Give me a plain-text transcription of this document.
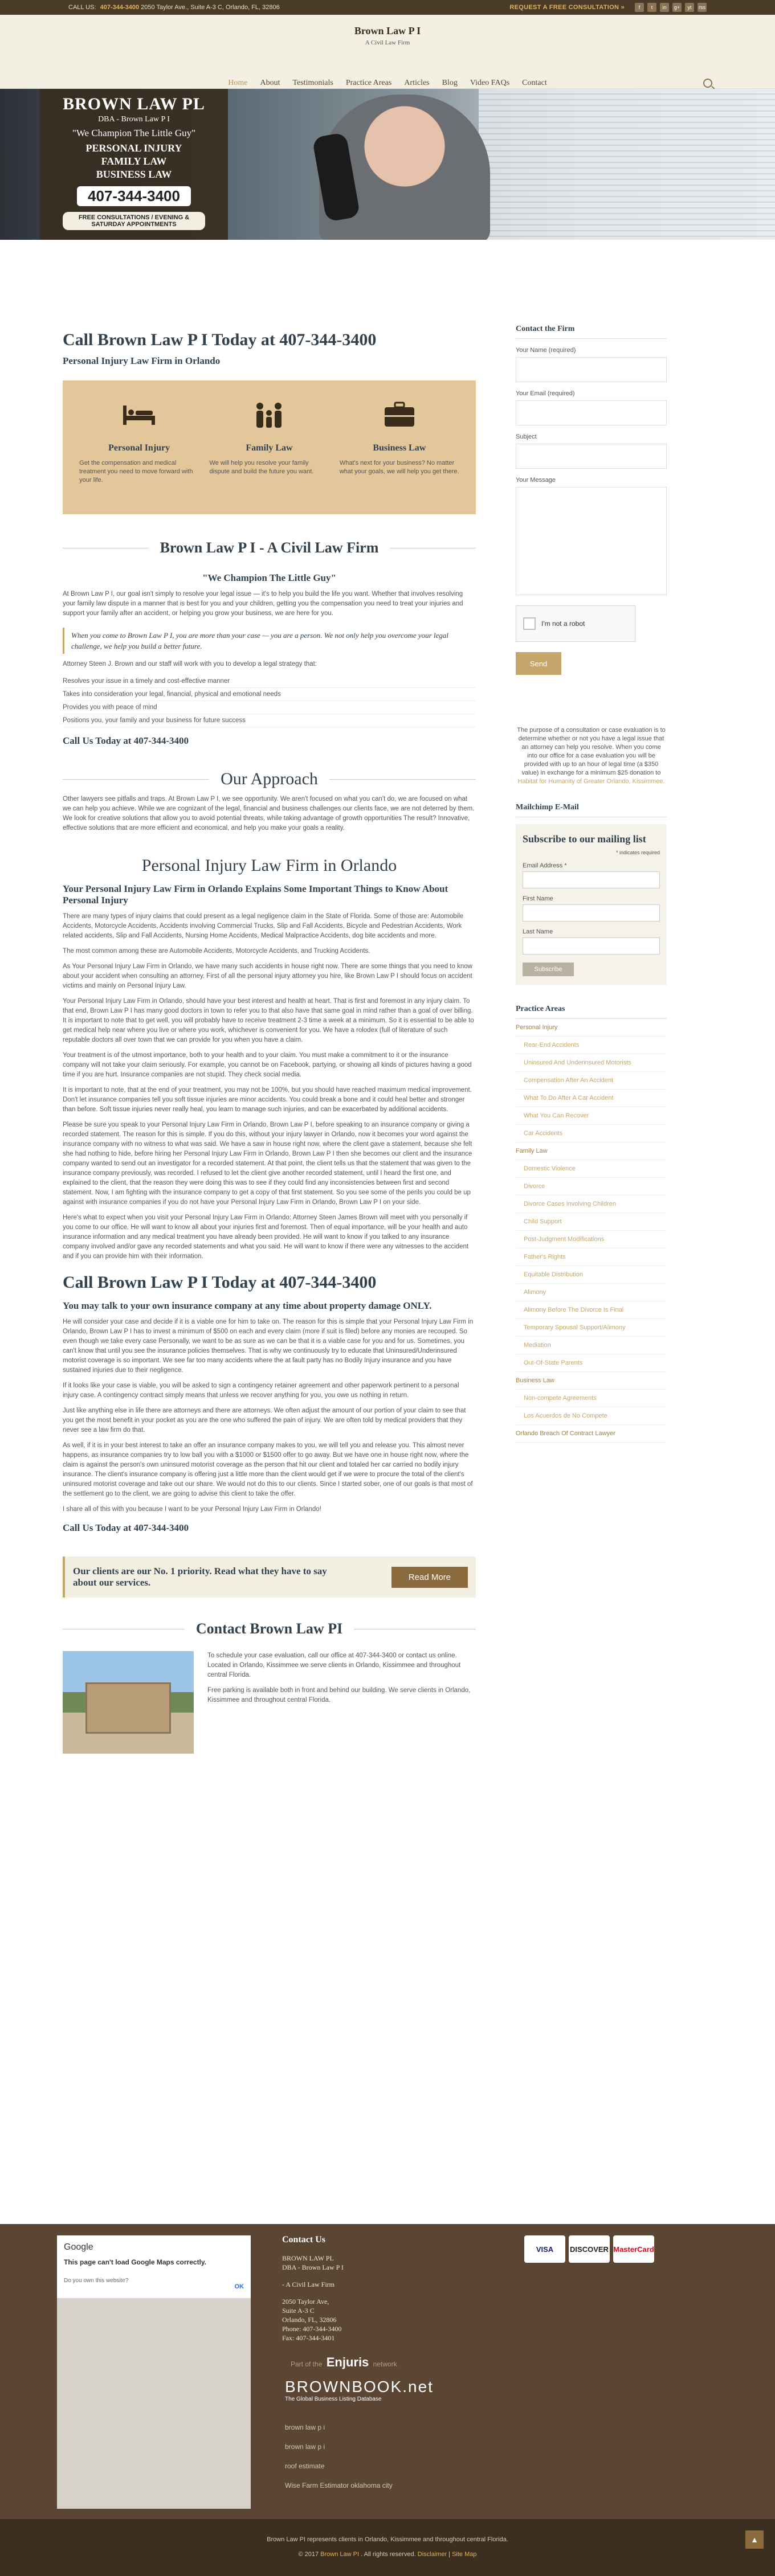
CALL US: 407-344-3400 2050 Taylor Ave., Suite A-3 C, Orlando, FL, 32806	REQUEST A FREE CONSULTATION »	f	t	in	g+	yt	rss
Brown Law P I
A Civil Law Firm
Home About Testimonials Practice Areas Articles Blog Video FAQs Contact
BROWN LAW PL
DBA - Brown Law P I
"We Champion The Little Guy"
PERSONAL INJURY
FAMILY LAW
BUSINESS LAW
407-344-3400
FREE CONSULTATIONS / EVENING & SATURDAY APPOINTMENTS
Call Brown Law P I Today at 407-344-3400
Personal Injury Law Firm in Orlando
Personal Injury
Get the compensation and medical treatment you need to move forward with your life.
Family Law
We will help you resolve your family dispute and build the future you want.
Business Law
What's next for your business? No matter what your goals, we will help you get there.
Brown Law P I - A Civil Law Firm
"We Champion The Little Guy"

At Brown Law P I, our goal isn't simply to resolve your legal issue — it's to help you build the life you want. Whether that involves resolving your family law dispute in a manner that is best for you and your children, getting you the compensation you need to treat your injuries and support your family after an accident, or helping you grow your business, we are here for you.

When you come to Brown Law P I, you are more than your case — you are a person. We not only help you overcome your legal challenge, we help you build a better future.

Attorney Steen J. Brown and our staff will work with you to develop a legal strategy that:

Resolves your issue in a timely and cost-effective manner
Takes into consideration your legal, financial, physical and emotional needs
Provides you with peace of mind
Positions you, your family and your business for future success
Call Us Today at 407-344-3400
Our Approach

Other lawyers see pitfalls and traps. At Brown Law P I, we see opportunity. We aren't focused on what you can't do, we are focused on what we can help you achieve. While we are cognizant of the legal, financial and business challenges our clients face, we are not deterred by them. We look for creative solutions that allow you to avoid potential threats, while taking advantage of growth opportunities The result? Innovative, effective solutions that are more efficient and economical, and help you make your goals a reality.

Personal Injury Law Firm in Orlando
Your Personal Injury Law Firm in Orlando Explains Some Important Things to Know About Personal Injury

There are many types of injury claims that could present as a legal negligence claim in the State of Florida. Some of those are: Automobile Accidents, Motorcycle Accidents, Accidents involving Commercial Trucks, Slip and Fall Accidents, Bicycle and Pedestrian Accidents, Work related accidents, Slip and Fall Accidents, Nursing Home Accidents, Medical Malpractice Accidents, dog bite accidents and more.

The most common among these are Automobile Accidents, Motorcycle Accidents, and Trucking Accidents.

As Your Personal Injury Law Firm in Orlando, we have many such accidents in house right now. There are some things that you need to know about your accident when consulting an attorney. First of all the personal injury attorney you hire, like Brown Law P I should focus on accident victims and mainly on Personal Injury Law.

Your Personal Injury Law Firm in Orlando, should have your best interest and health at heart. That is first and foremost in any injury claim. To that end, Brown Law P I has many good doctors in town to refer you to that also have that same goal in mind rather than a goal of over billing. It is important to note that to get well, you will probably have to receive treatment 2-3 time a week at a minimum. So it is essential to be able to get medical help near where you live or where you work, whichever is convenient for you. We have a rolodex (full of literature of such reputable doctors all over town that we can provide for you when you have a claim.

Your treatment is of the utmost importance, both to your health and to your claim. You must make a commitment to it or the insurance company will not take your claim seriously. For example, you cannot be on Facebook, partying, or showing all kinds of pictures having a good time if you are hurt. Insurance companies are not stupid. They check social media.

It is important to note, that at the end of your treatment, you may not be 100%, but you should have reached maximum medical improvement. Don't let insurance companies tell you soft tissue injuries are minor accidents. You could break a bone and it could heal better and stronger than before. Soft tissue injuries never really heal, you learn to manage such injuries, and can be exacerbated by additional accidents.

Please be sure you speak to your Personal Injury Law Firm in Orlando, Brown Law P I, before speaking to an insurance company or giving a recorded statement. The reason for this is simple. If you do this, without your injury lawyer in Orlando, now it becomes your word against the insurance company with no witness to what was said. We have a saw in house right now, where the client gave a statement, because she felt she had nothing to hide, before hiring her Personal Injury Law Firm in Orlando, Brown Law P I then she becomes our client and the insurance company wanted to send out an investigator for a recorded statement. At that point, the client tells us that the statement that was given to the insurance company previously, was recorded. I refused to let the client give another recorded statement, until I heard the first one, and explained to the client, that the reason they were doing this was to see if they could find any inconsistencies between first and second statement. Now, I am fighting with the insurance company to get a copy of that first statement. So you see some of the perils you could be up against with insurance companies if you do not have your Personal Injury Law Firm in Orlando, Brown Law P I on your side.

Here's what to expect when you visit your Personal Injury Law Firm in Orlando: Attorney Steen James Brown will meet with you personally if you come to our office. He will want to know all about your injuries first and foremost. Then of equal importance, will be your health and auto insurance information and any medical treatment you have already been provided. He will want to know if you talked to any insurance company involved and/or gave any recorded statements and what you said. He will want to know if there were any witnesses to the accident and if you can provide him with their information.

Call Brown Law P I Today at 407-344-3400
You may talk to your own insurance company at any time about property damage ONLY.

He will consider your case and decide if it is a viable one for him to take on. The reason for this is simple that your Personal Injury Law Firm in Orlando, Brown Law P I has to invest a minimum of $500 on each and every claim (more if suit is filed) before any monies are recouped. So even though we take every case Personally, we want to be as sure as we can be that it is a viable case for you and for us. Sometimes, you can't know that until you see the insurance policies themselves. That is why we continuously try to educate that Uninsured/Underinsured motorist coverage is so important. We see far too many accidents where the at fault party has no Bodily Injury insurance and you have sustained injuries due to their negligence.

If it looks like your case is viable, you will be asked to sign a contingency retainer agreement and other paperwork pertinent to a personal injury case. A contingency contract simply means that unless we recover anything for you, you owe us nothing in return.

Just like anything else in life there are attorneys and there are attorneys. We often adjust the amount of our portion of your claim to see that you get the most benefit in your pocket as you are the one who suffered the pain of injury. We are often told by medical providers that they never see a law firm do that.

As well, if it is in your best interest to take an offer an insurance company makes to you, we will tell you and release you. This almost never happens, as insurance companies try to low ball you with a $1000 or $1500 offer to go away. But we have one in house right now, where the claim is against the person's own uninsured motorist coverage as the person that hit our client and totaled her car carried no bodily injury insurance. The client's insurance company is offering just a little more than the client would get if we were to procure the total of the client's uninsured motorist coverage and take out our share. We would not do this to our clients. Since I started sober, one of our goals is that most of the settlement go to the client, we are going to advise this client to take the offer.

I share all of this with you because I want to be your Personal Injury Law Firm in Orlando!

Call Us Today at 407-344-3400
Our clients are our No. 1 priority. Read what they have to say about our services.	Read More
Contact Brown Law PI

To schedule your case evaluation, call our office at 407-344-3400 or contact us online. Located in Orlando, Kissimmee we serve clients in Orlando, Kissimmee and throughout central Florida.

Free parking is available both in front and behind our building. We serve clients in Orlando, Kissimmee and throughout central Florida.

Contact the Firm
Your Name (required)
Your Email (required)
Subject
Your Message
I'm not a robot
Send
The purpose of a consultation or case evaluation is to determine whether or not you have a legal issue that an attorney can help you resolve. When you come into our office for a case evaluation you will be provided with up to an hour of legal time (a $350 value) in exchange for a minimum $25 donation to Habitat for Humanity of Greater Orlando, Kissimmee.
Mailchimp E-Mail
Subscribe to our mailing list
* indicates required
Email Address *
First Name
Last Name
Subscribe
Practice Areas
Personal Injury
Rear-End Accidents
Uninsured And Underinsured Motorists
Compensation After An Accident
What To Do After A Car Accident
What You Can Recover
Car Accidents
Family Law
Domestic Violence
Divorce
Divorce Cases Involving Children
Child Support
Post-Judgment Modifications
Father's Rights
Equitable Distribution
Alimony
Alimony Before The Divorce Is Final
Temporary Spousal Support/Alimony
Mediation
Out-Of-State Parents
Business Law
Non-compete Agreements
Los Acuerdos de No Compete
Orlando Breach Of Contract Lawyer
Google
This page can't load Google Maps correctly.
Do you own this website?
OK
Contact Us
BROWN LAW PL
DBA - Brown Law P I
- A Civil Law Firm
2050 Taylor Ave,
Suite A-3 C
Orlando, FL, 32806
Phone: 407-344-3400
Fax: 407-344-3401
VISA	DISCOVER MasterCard
Part of the Enjuris network
BROWNBOOK.net
The Global Business Listing Database
brown law p i
brown law p i
roof estimate
Wise Farm Estimator oklahoma city
Brown Law PI represents clients in Orlando, Kissimmee and throughout central Florida.
© 2017 Brown Law PI . All rights reserved. Disclaimer | Site Map
▲
